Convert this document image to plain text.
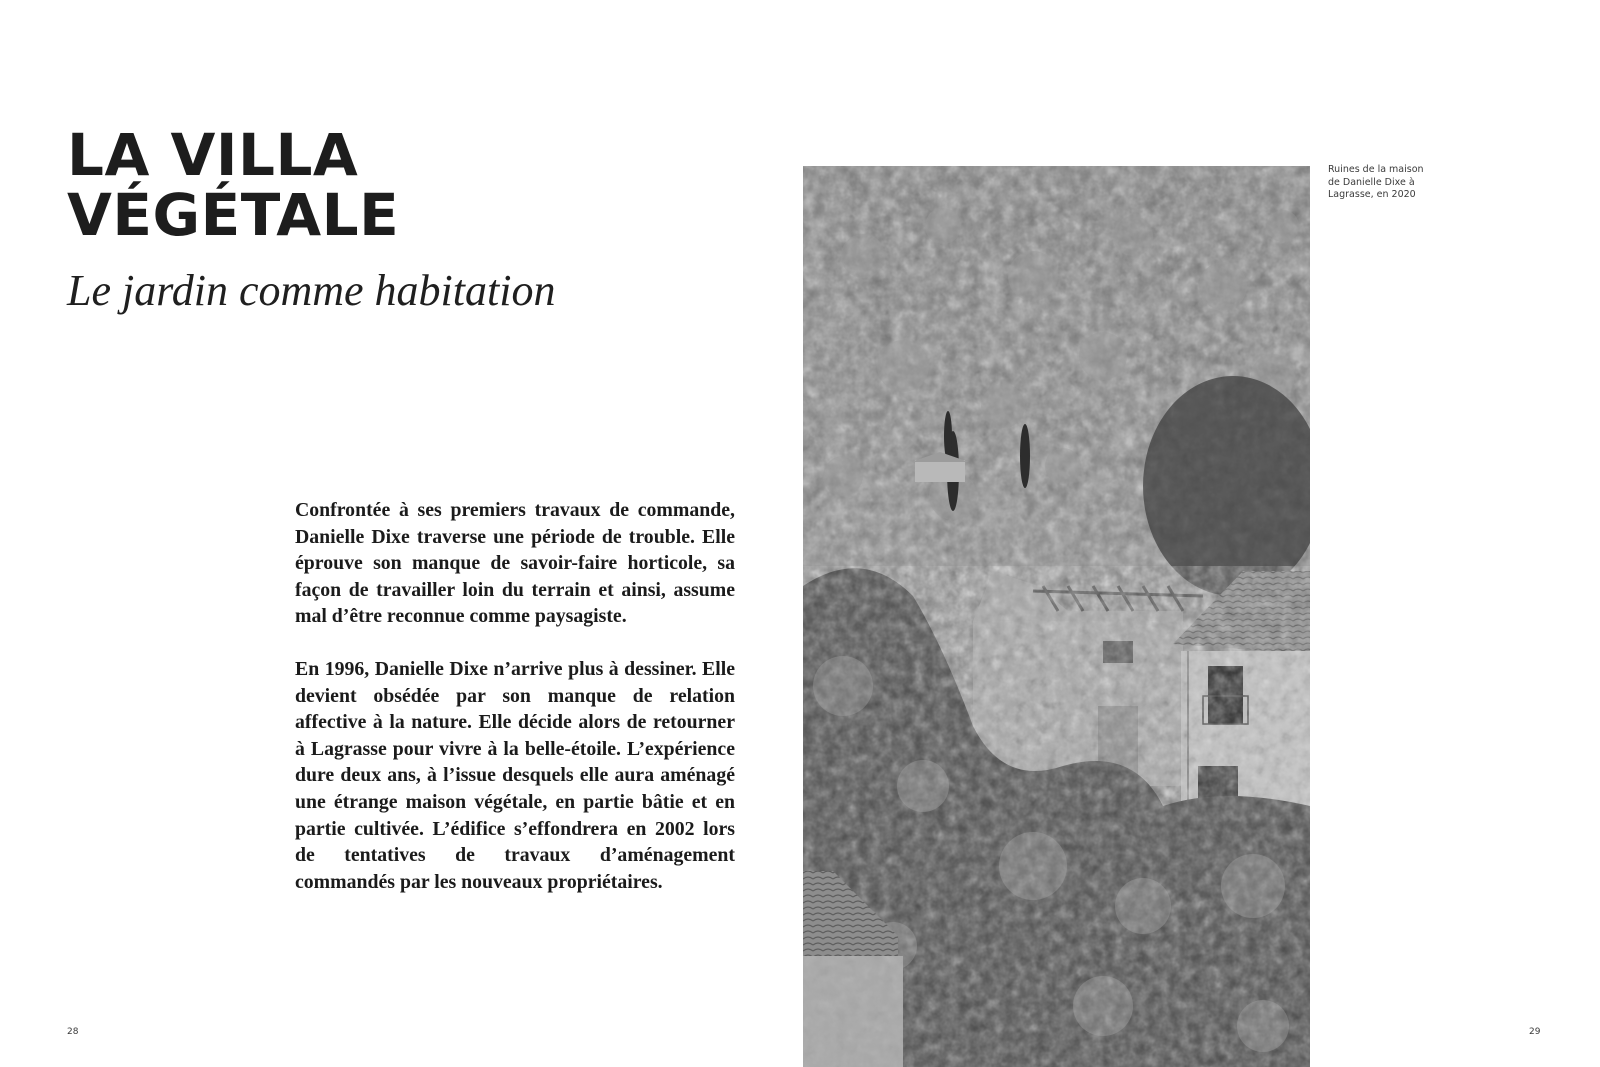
LA VILLA
VÉGÉTALE
Le jardin comme habitation

Confrontée à ses premiers travaux de commande, Danielle Dixe traverse une période de trouble. Elle éprouve son manque de savoir-faire horticole, sa façon de travailler loin du terrain et ainsi, assume mal d’être reconnue comme paysagiste.

En 1996, Danielle Dixe n’arrive plus à dessiner. Elle devient obsédée par son manque de relation affective à la nature. Elle décide alors de retourner à Lagrasse pour vivre à la belle-étoile. L’expérience dure deux ans, à l’issue desquels elle aura aménagé une étrange maison végétale, en partie bâtie et en partie cultivée. L’édifice s’effondrera en 2002 lors de tentatives de travaux d’aménagement commandés par les nouveaux propriétaires.

28
Ruines de la maison
de Danielle Dixe à
Lagrasse, en 2020
29
